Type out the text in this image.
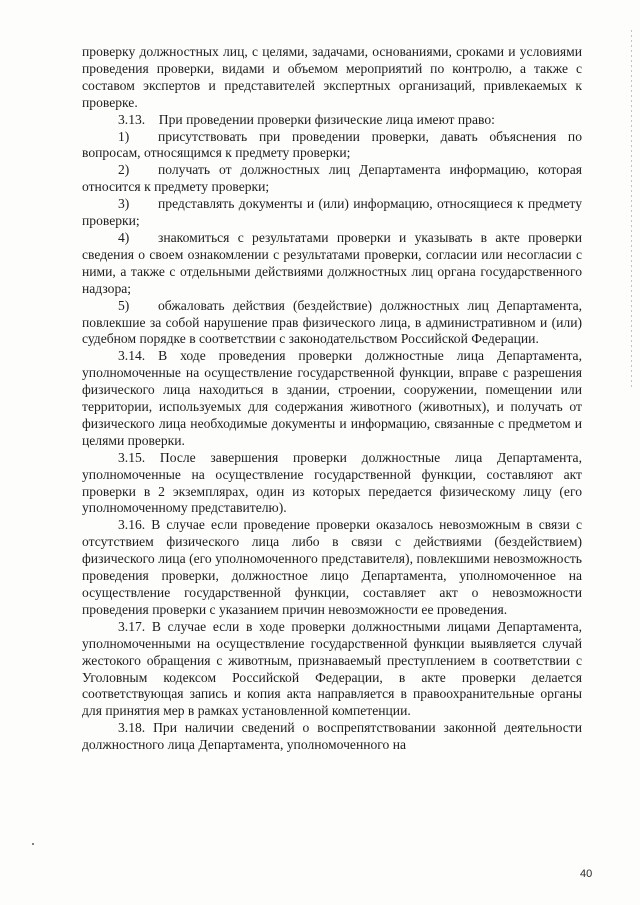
проверку должностных лиц, с целями, задачами, основаниями, сроками и условиями проведения проверки, видами и объемом мероприятий по контролю, а также с составом экспертов и представителей экспертных организаций, привлекаемых к проверке.

3.13.    При проведении проверки физические лица имеют право:

1) присутствовать при проведении проверки, давать объяснения по вопросам, относящимся к предмету проверки;

2) получать от должностных лиц Департамента информацию, которая относится к предмету проверки;

3) представлять документы и (или) информацию, относящиеся к предмету проверки;

4) знакомиться с результатами проверки и указывать в акте проверки сведения о своем ознакомлении с результатами проверки, согласии или несогласии с ними, а также с отдельными действиями должностных лиц органа государственного надзора;

5) обжаловать действия (бездействие) должностных лиц Департамента, повлекшие за собой нарушение прав физического лица, в административном и (или) судебном порядке в соответствии с законодательством Российской Федерации.

3.14. В ходе проведения проверки должностные лица Департамента, уполномоченные на осуществление государственной функции, вправе с разрешения физического лица находиться в здании, строении, сооружении, помещении или территории, используемых для содержания животного (животных), и получать от физического лица необходимые документы и информацию, связанные с предметом и целями проверки.

3.15. После завершения проверки должностные лица Департамента, уполномоченные на осуществление государственной функции, составляют акт проверки в 2 экземплярах, один из которых передается физическому лицу (его уполномоченному представителю).

3.16. В случае если проведение проверки оказалось невозможным в связи с отсутствием физического лица либо в связи с действиями (бездействием) физического лица (его уполномоченного представителя), повлекшими невозможность проведения проверки, должностное лицо Департамента, уполномоченное на осуществление государственной функции, составляет акт о невозможности проведения проверки с указанием причин невозможности ее проведения.

3.17. В случае если в ходе проверки должностными лицами Департамента, уполномоченными на осуществление государственной функции выявляется случай жестокого обращения с животным, признаваемый преступлением в соответствии с Уголовным кодексом Российской Федерации, в акте проверки делается соответствующая запись и копия акта направляется в правоохранительные органы для принятия мер в рамках установленной компетенции.

3.18. При наличии сведений о воспрепятствовании законной деятельности должностного лица Департамента, уполномоченного на

40
